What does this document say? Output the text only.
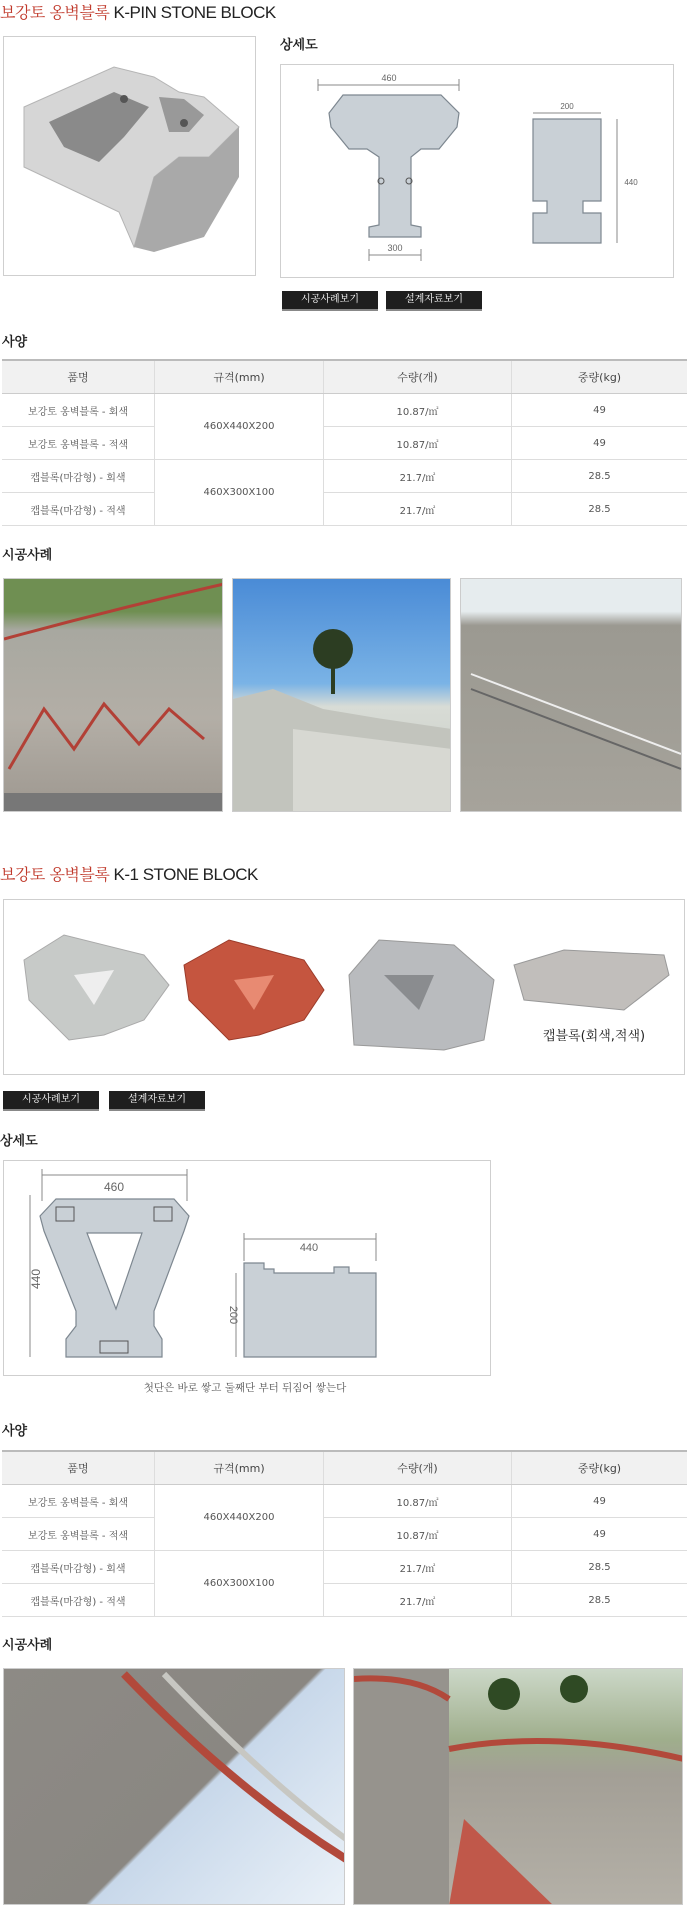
보강토 옹벽블록 K-PIN STONE BLOCK
상세도
460
300
200
440
시공사례보기	설계자료보기
사양
품명	규격(mm)	수량(개)	중량(kg)
보강토 옹벽블록 - 회색	460X440X200	10.87/㎡	49
보강토 옹벽블록 - 적색		10.87/㎡	49
캡블록(마감형) - 회색	460X300X100	21.7/㎡	28.5
캡블록(마감형) - 적색		21.7/㎡	28.5
시공사례
보강토 옹벽블록 K-1 STONE BLOCK
캡블록(회색,적색)
시공사례보기	설계자료보기
상세도
460
440
440
200
첫단은 바로 쌓고 둘째단 부터 뒤짐어 쌓는다
사양
품명	규격(mm)	수량(개)	중량(kg)
보강토 옹벽블록 - 회색	460X440X200	10.87/㎡	49
보강토 옹벽블록 - 적색		10.87/㎡	49
캡블록(마감형) - 회색	460X300X100	21.7/㎡	28.5
캡블록(마감형) - 적색		21.7/㎡	28.5
시공사례
